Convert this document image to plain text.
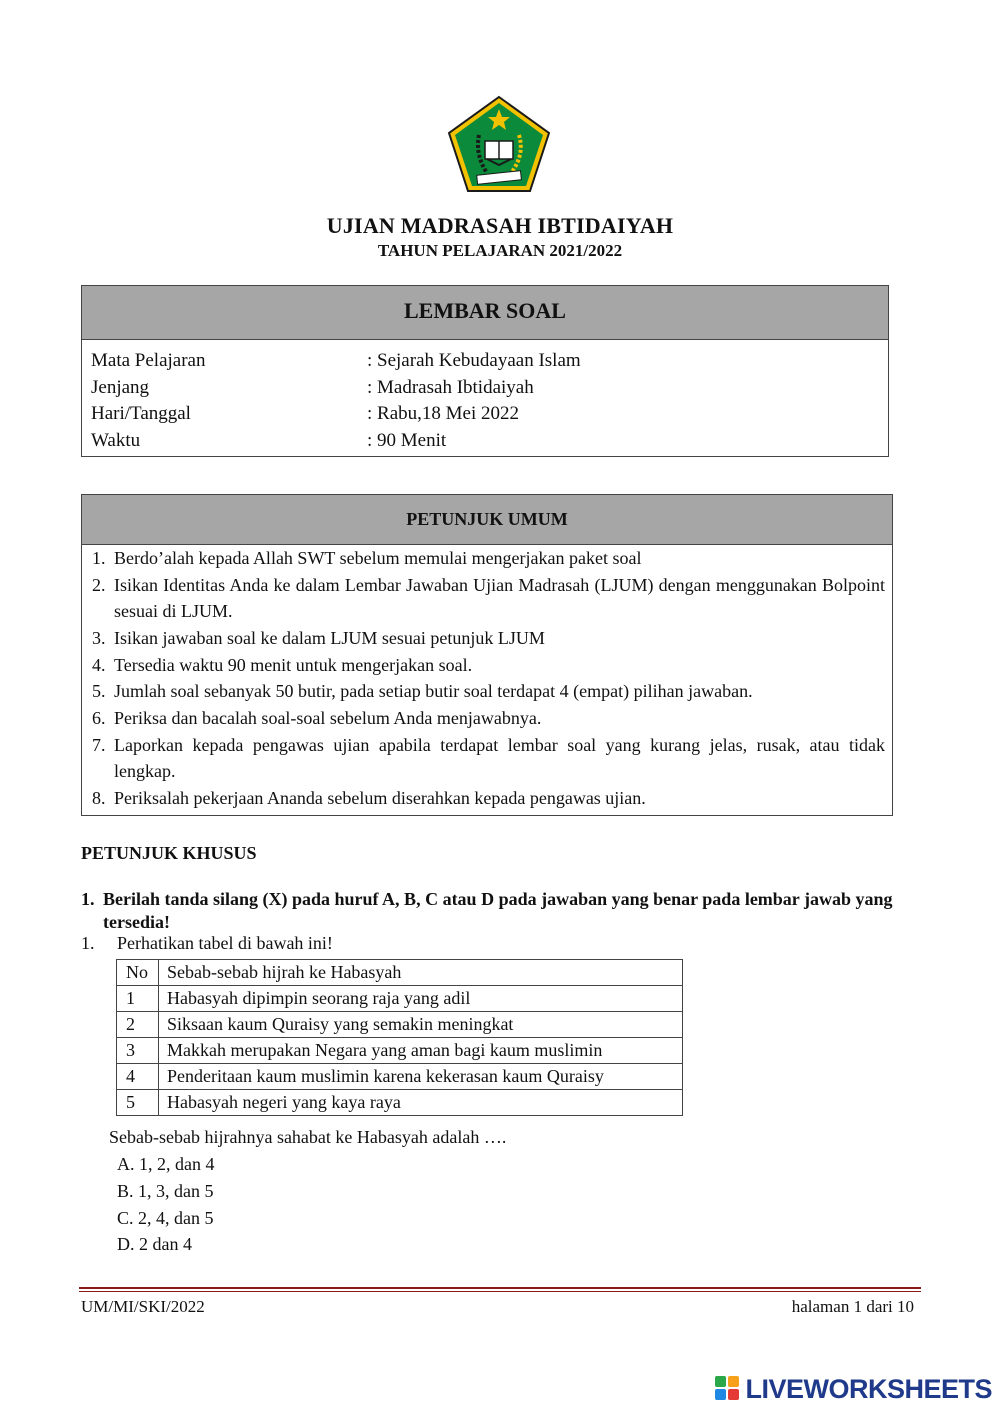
UJIAN MADRASAH IBTIDAIYAH
TAHUN PELAJARAN 2021/2022
LEMBAR SOAL
Mata Pelajaran	: Sejarah Kebudayaan Islam
Jenjang	: Madrasah Ibtidaiyah
Hari/Tanggal	: Rabu,18 Mei 2022
Waktu	: 90 Menit
PETUNJUK UMUM
1. Berdo’alah kepada Allah SWT sebelum memulai mengerjakan paket soal
2. Isikan Identitas Anda ke dalam Lembar Jawaban Ujian Madrasah (LJUM) dengan menggunakan Bolpoint sesuai di LJUM.
3. Isikan jawaban soal ke dalam LJUM sesuai petunjuk LJUM
4. Tersedia waktu 90 menit untuk mengerjakan soal.
5. Jumlah soal sebanyak 50 butir, pada setiap butir soal terdapat 4 (empat) pilihan jawaban.
6. Periksa dan bacalah soal-soal sebelum Anda menjawabnya.
7. Laporkan kepada pengawas ujian apabila terdapat lembar soal yang kurang jelas, rusak, atau tidak lengkap.
8. Periksalah pekerjaan Ananda sebelum diserahkan kepada pengawas ujian.
PETUNJUK KHUSUS
1. Berilah tanda silang (X) pada huruf A, B, C atau D pada jawaban yang benar pada lembar jawab yang tersedia!
1. Perhatikan tabel di bawah ini!
No	Sebab-sebab hijrah ke Habasyah
1	Habasyah dipimpin seorang raja yang adil
2	Siksaan kaum Quraisy yang semakin meningkat
3	Makkah merupakan Negara yang aman bagi kaum muslimin
4	Penderitaan kaum muslimin karena kekerasan kaum Quraisy
5	Habasyah negeri yang kaya raya
Sebab-sebab hijrahnya sahabat ke Habasyah adalah ….
A. 1, 2, dan 4
B. 1, 3, dan 5
C. 2, 4, dan 5
D. 2 dan 4
UM/MI/SKI/2022	halaman 1 dari 10
LIVEWORKSHEETS
